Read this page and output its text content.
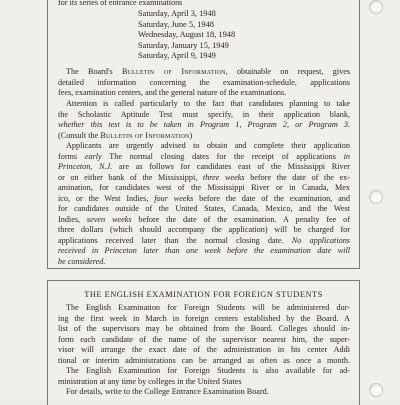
for its series of entrance examinations
Saturday, April 3, 1948
Saturday, June 5, 1948
Wednesday, August 18, 1948
Saturday, January 15, 1949
Saturday, April 9, 1949
The Board's Bulletin of Information, obtainable on request, gives
detailed information concerning the examination-schedule, applications
fees, examination centers, and the general nature of the examinations.
Attention is called particularly to the fact that candidates planning to take
the Scholastic Aptitude Test must specify, in their application blank,
whether this test is to be taken in Program 1, Program 2, or Program 3.
(Consult the Bulletin of Information)
Applicants are urgently advised to obtain and complete their application
forms early The normal closing dates for the receipt of applications in
Princeton, N.J. are as follows for candidates east of the Mississippi River
or on either bank of the Mississippi, three weeks before the date of the ex-
amination, for candidates west of the Mississippi River or in Canada, Mex
ico, or the West Indies, four weeks before the date of the examination, and
for candidates outside of the United States, Canada, Mexico, and the West
Indies, seven weeks before the date of the examination. A penalty fee of
three dollars (which should accompany the application) will be charged for
applications received later than the normal closing date. No applications
received in Princeton later than one week before the examination date will
be considered.
THE ENGLISH EXAMINATION FOR FOREIGN STUDENTS
The English Examination for Foreign Students will be administered dur-
ing the first week in March in foreign centers established by the Board. A
list of the supervisors may be obtained from the Board. Colleges should in-
form each candidate of the name of the supervisor nearest him, the super-
visor will arrange the exact date of the administration in his center Addi
tional or interim administrations can be arranged as often as once a month.
The English Examination for Foreign Students is also available for ad-
ministration at any time by colleges in the United States
For details, write to the College Entrance Examination Board.
